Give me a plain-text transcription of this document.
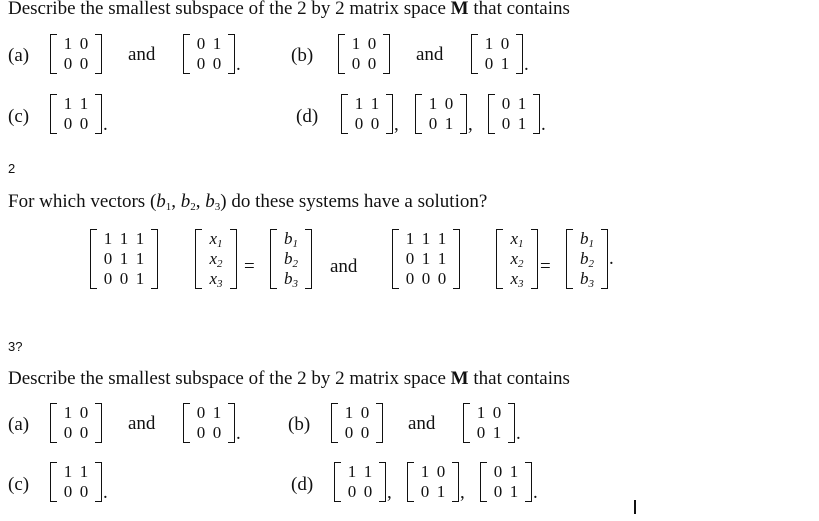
Describe the smallest subspace of the 2 by 2 matrix space M that contains
(a)
1 0
0 0 and
0 1
0 0 .	(b)
1 0
0 0 and
1 0
0 1 .
(c)
1 1
0 0 .	(d)
1 1
0 0 ,
1 0
0 1 ,
0 1
0 1 .
2
For which vectors ($b_1$, $b_2$, $b_3$) do these systems have a solution?
1 1 1
0 1 1
0 0 1
$x_1$
$x_2$
$x_3$
=
$b_1$
$b_2$
$b_3$
and
1 1 1
0 1 1
0 0 0
$x_1$
$x_2$
$x_3$
=
$b_1$
$b_2$
$b_3$
.
3?
Describe the smallest subspace of the 2 by 2 matrix space M that contains
(a)
1 0
0 0 and
0 1
0 0 . (b)
1 0
0 0 and
1 0
0 1 .
(c)
1 1
0 0 .	(d)
1 1
0 0 ,
1 0
0 1 ,
0 1
0 1 .
